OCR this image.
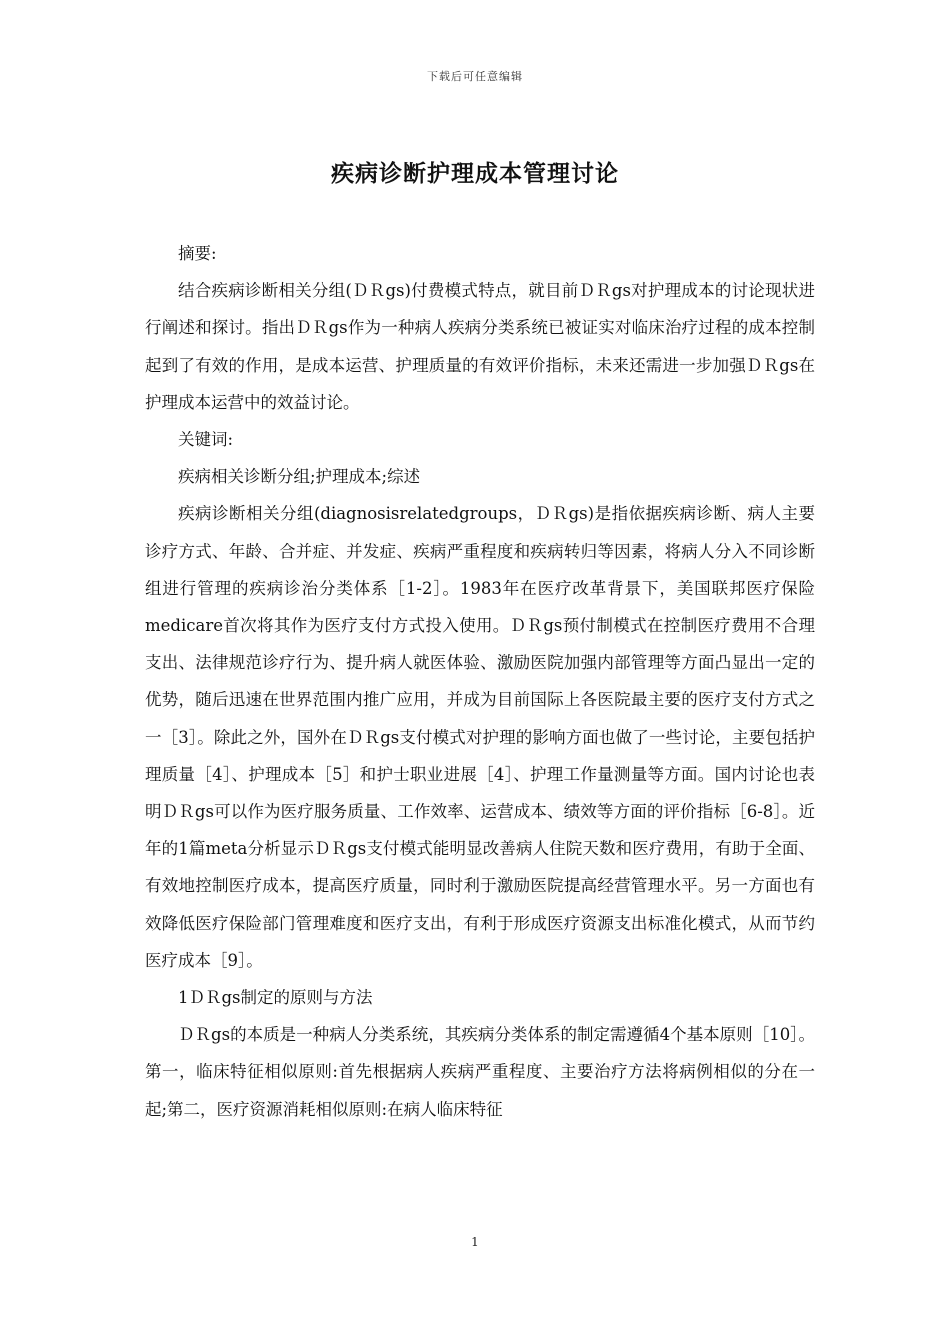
下载后可任意编辑
疾病诊断护理成本管理讨论

摘要:

结合疾病诊断相关分组(ＤＲgs)付费模式特点，就目前ＤＲgs对护理成本的讨论现状进行阐述和探讨。指出ＤＲgs作为一种病人疾病分类系统已被证实对临床治疗过程的成本控制起到了有效的作用，是成本运营、护理质量的有效评价指标，未来还需进一步加强ＤＲgs在护理成本运营中的效益讨论。

关键词:

疾病相关诊断分组;护理成本;综述

疾病诊断相关分组(diagnosisrelatedgroups，ＤＲgs)是指依据疾病诊断、病人主要诊疗方式、年龄、合并症、并发症、疾病严重程度和疾病转归等因素，将病人分入不同诊断组进行管理的疾病诊治分类体系［1-2］。1983年在医疗改革背景下，美国联邦医疗保险medicare首次将其作为医疗支付方式投入使用。ＤＲgs预付制模式在控制医疗费用不合理支出、法律规范诊疗行为、提升病人就医体验、激励医院加强内部管理等方面凸显出一定的优势，随后迅速在世界范围内推广应用，并成为目前国际上各医院最主要的医疗支付方式之一［3］。除此之外，国外在ＤＲgs支付模式对护理的影响方面也做了一些讨论，主要包括护理质量［4］、护理成本［5］和护士职业进展［4］、护理工作量测量等方面。国内讨论也表明ＤＲgs可以作为医疗服务质量、工作效率、运营成本、绩效等方面的评价指标［6-8］。近年的1篇meta分析显示ＤＲgs支付模式能明显改善病人住院天数和医疗费用，有助于全面、有效地控制医疗成本，提高医疗质量，同时利于激励医院提高经营管理水平。另一方面也有效降低医疗保险部门管理难度和医疗支出，有利于形成医疗资源支出标准化模式，从而节约医疗成本［9］。

1ＤＲgs制定的原则与方法

ＤＲgs的本质是一种病人分类系统，其疾病分类体系的制定需遵循4个基本原则［10］。第一，临床特征相似原则:首先根据病人疾病严重程度、主要治疗方法将病例相似的分在一起;第二，医疗资源消耗相似原则:在病人临床特征

1
